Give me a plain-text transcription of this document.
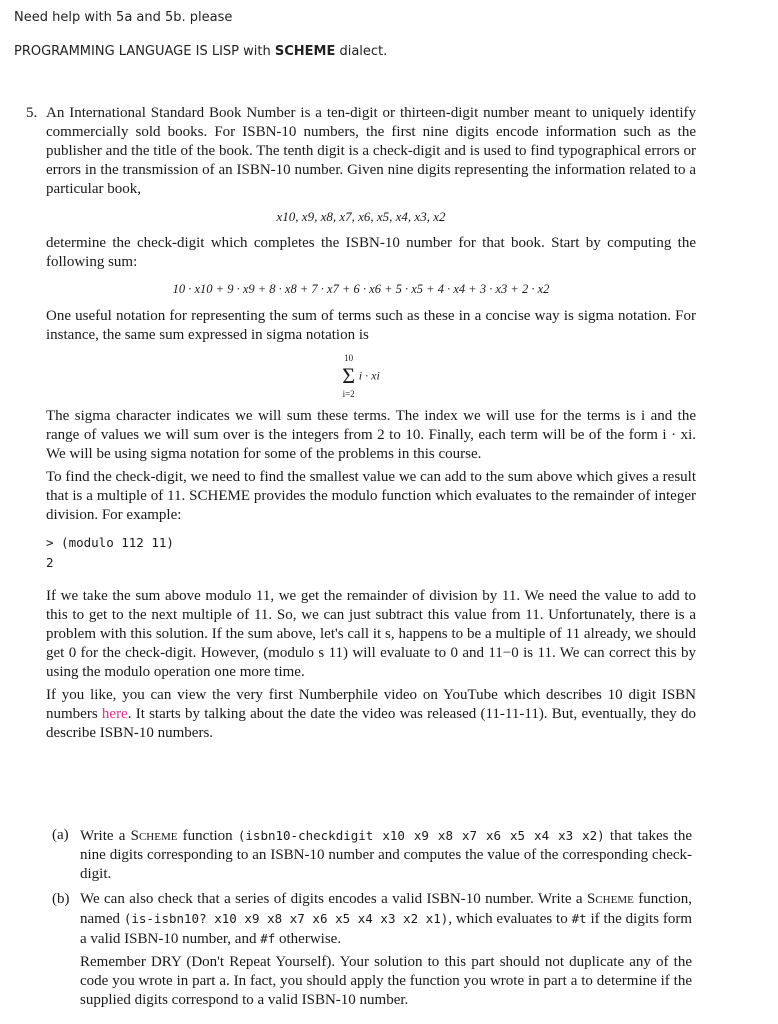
Need help with 5a and 5b. please
PROGRAMMING LANGUAGE IS LISP with SCHEME dialect.
5. An International Standard Book Number is a ten-digit or thirteen-digit number meant to uniquely identify commercially sold books. For ISBN-10 numbers, the first nine digits encode information such as the publisher and the title of the book. The tenth digit is a check-digit and is used to find typographical errors or errors in the transmission of an ISBN-10 number. Given nine digits representing the information related to a particular book,

x10, x9, x8, x7, x6, x5, x4, x3, x2

determine the check-digit which completes the ISBN-10 number for that book. Start by computing the following sum:

10 · x10 + 9 · x9 + 8 · x8 + 7 · x7 + 6 · x6 + 5 · x5 + 4 · x4 + 3 · x3 + 2 · x2

One useful notation for representing the sum of terms such as these in a concise way is sigma notation. For instance, the same sum expressed in sigma notation is

10
Σ
i=2
i · xi

The sigma character indicates we will sum these terms. The index we will use for the terms is i and the range of values we will sum over is the integers from 2 to 10. Finally, each term will be of the form i · xi. We will be using sigma notation for some of the problems in this course.

To find the check-digit, we need to find the smallest value we can add to the sum above which gives a result that is a multiple of 11. SCHEME provides the modulo function which evaluates to the remainder of integer division. For example:

> (modulo 112 11)
2

If we take the sum above modulo 11, we get the remainder of division by 11. We need the value to add to this to get to the next multiple of 11. So, we can just subtract this value from 11. Unfortunately, there is a problem with this solution. If the sum above, let's call it s, happens to be a multiple of 11 already, we should get 0 for the check-digit. However, (modulo s 11) will evaluate to 0 and 11−0 is 11. We can correct this by using the modulo operation one more time.

If you like, you can view the very first Numberphile video on YouTube which describes 10 digit ISBN numbers here. It starts by talking about the date the video was released (11-11-11). But, eventually, they do describe ISBN-10 numbers.

(a) Write a Scheme function (isbn10-checkdigit x10 x9 x8 x7 x6 x5 x4 x3 x2) that takes the nine digits corresponding to an ISBN-10 number and computes the value of the corresponding check-digit.

(b) We can also check that a series of digits encodes a valid ISBN-10 number. Write a Scheme function, named (is-isbn10? x10 x9 x8 x7 x6 x5 x4 x3 x2 x1), which evaluates to #t if the digits form a valid ISBN-10 number, and #f otherwise.

Remember DRY (Don't Repeat Yourself). Your solution to this part should not duplicate any of the code you wrote in part a. In fact, you should apply the function you wrote in part a to determine if the supplied digits correspond to a valid ISBN-10 number.
